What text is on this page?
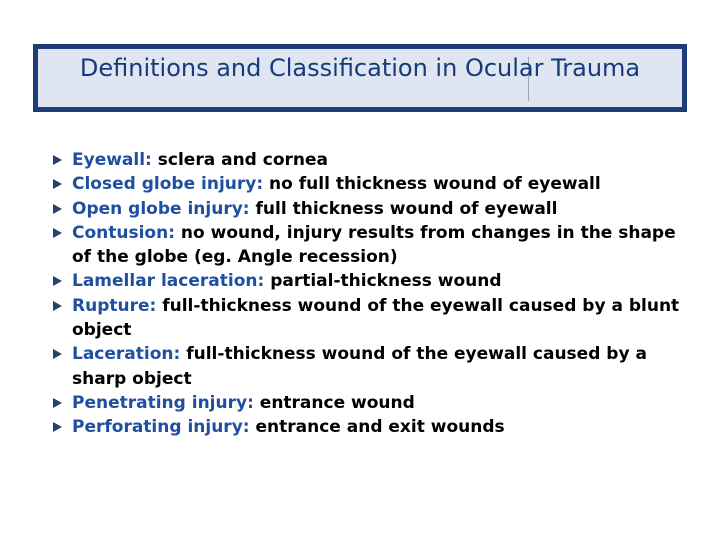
Definitions and Classification in Ocular Trauma
Eyewall: sclera and cornea
Closed globe injury: no full thickness wound of eyewall
Open globe injury: full thickness wound of eyewall
Contusion: no wound, injury results from changes in the shape of the globe (eg. Angle recession)
Lamellar laceration: partial-thickness wound
Rupture: full-thickness wound of the eyewall caused by a blunt object
Laceration: full-thickness wound of the eyewall caused by a sharp object
Penetrating injury: entrance wound
Perforating injury: entrance and exit wounds
